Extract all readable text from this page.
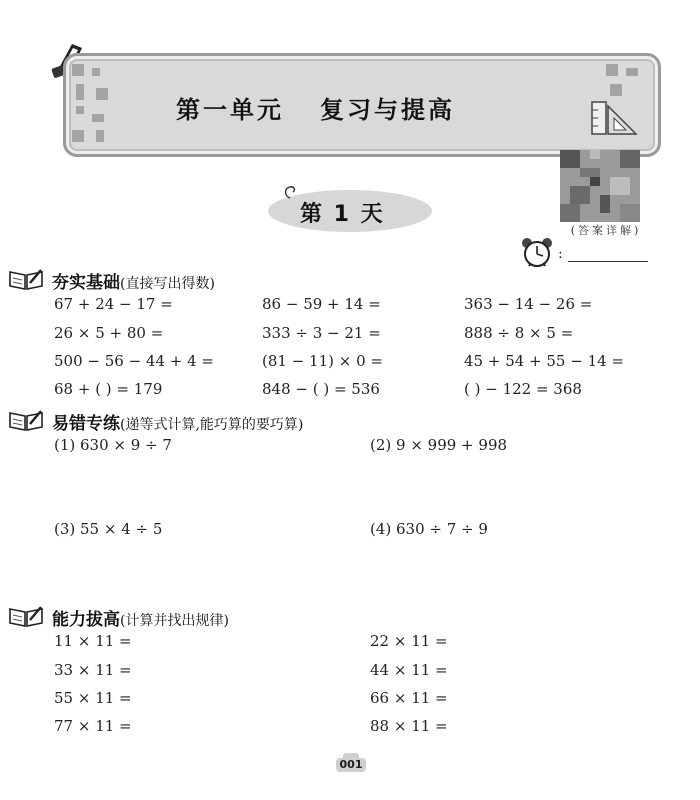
第一单元 复习与提高
(答案详解)
第 1 天
:
夯实基础(直接写出得数)
67 + 24 − 17 =	86 − 59 + 14 =	363 − 14 − 26 =
26 × 5 + 80 =	333 ÷ 3 − 21 =	888 ÷ 8 × 5 =
500 − 56 − 44 + 4 =	(81 − 11) × 0 =	45 + 54 + 55 − 14 =
68 + ( ) = 179	848 − ( ) = 536	( ) − 122 = 368
易错专练(递等式计算,能巧算的要巧算)
(1) 630 × 9 ÷ 7	(2) 9 × 999 + 998
(3) 55 × 4 ÷ 5	(4) 630 ÷ 7 ÷ 9
能力拔高(计算并找出规律)
11 × 11 =	22 × 11 =
33 × 11 =	44 × 11 =
55 × 11 =	66 × 11 =
77 × 11 =	88 × 11 =
001
